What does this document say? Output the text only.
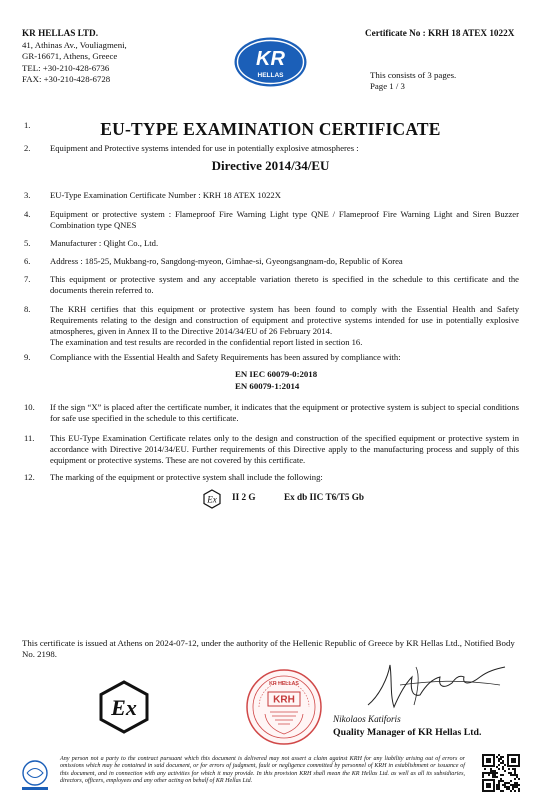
KR HELLAS LTD.
41, Athinas Av., Vouliagmeni,
GR-16671, Athens, Greece
TEL: +30-210-428-6736
FAX: +30-210-428-6728
KR
HELLAS
Certificate No : KRH 18 ATEX 1022X
This consists of 3 pages.
Page 1 / 3
1.	EU-TYPE EXAMINATION CERTIFICATE
2.	Equipment and Protective systems intended for use in potentially explosive atmospheres :
Directive 2014/34/EU
3.	EU-Type Examination Certificate Number : KRH 18 ATEX 1022X
4.	Equipment or protective system : Flameproof Fire Warning Light type QNE / Flameproof Fire Warning Light and Siren Buzzer Combination type QNES
5.	Manufacturer : Qlight Co., Ltd.
6.	Address : 185-25, Mukbang-ro, Sangdong-myeon, Gimhae-si, Gyeongsangnam-do, Republic of Korea
7.	This equipment or protective system and any acceptable variation thereto is specified in the schedule to this certificate and the documents therein referred to.
8.	The KRH certifies that this equipment or protective system has been found to comply with the Essential Health and Safety Requirements relating to the design and construction of equipment and protective systems intended for use in potentially explosive atmospheres, given in Annex II to the Directive 2014/34/EU of 26 February 2014.
The examination and test results are recorded in the confidential report listed in section 16.
9.	Compliance with the Essential Health and Safety Requirements has been assured by compliance with:
EN IEC 60079-0:2018
EN 60079-1:2014
10.	If the sign “X” is placed after the certificate number, it indicates that the equipment or protective system is subject to special conditions for safe use specified in the schedule to this certificate.
11.	This EU-Type Examination Certificate relates only to the design and construction of the specified equipment or protective system in accordance with Directive 2014/34/EU. Further requirements of this Directive apply to the manufacturing process and supply of this equipment or protective systems. These are not covered by this certificate.
12.	The marking of the equipment or protective system shall include the following:
Ex II 2 G	Ex db IIC T6/T5 Gb
This certificate is issued at Athens on 2024-07-12, under the authority of the Hellenic Republic of Greece by KR Hellas Ltd., Notified Body No. 2198.
Ex
KR HELLAS
KRH
Nikolaos Katiforis
Quality Manager of KR Hellas Ltd.
Any person not a party to the contract pursuant which this document is delivered may not assert a claim against KRH for any liability arising out of errors or omissions which may be contained in said document, or for errors of judgment, fault or negligence committed by personnel of KRH in establishment or issuance of this document, and in connection with any activities for which it may provide. In this provision KRH shall mean the KR Hellas Ltd. as well as all its subsidiaries, directors, officers, employees and any other acting on behalf of KR Hellas Ltd.
